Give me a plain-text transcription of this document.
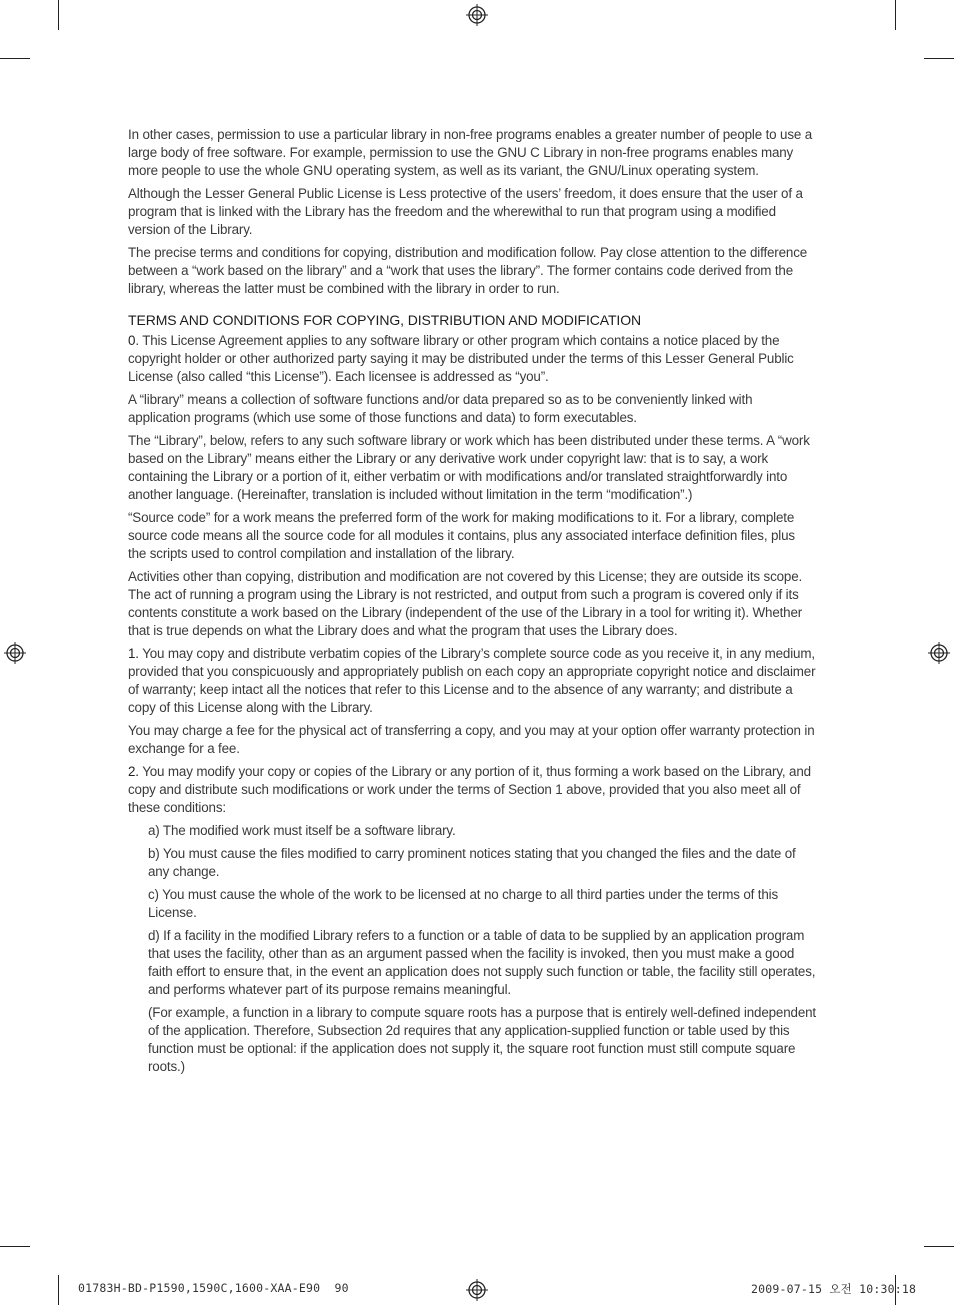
In other cases, permission to use a particular library in non-free programs enables a greater number of people to use a large body of free software. For example, permission to use the GNU C Library in non-free programs enables many more people to use the whole GNU operating system, as well as its variant, the GNU/Linux operating system.

Although the Lesser General Public License is Less protective of the users’ freedom, it does ensure that the user of a program that is linked with the Library has the freedom and the wherewithal to run that program using a modified version of the Library.

The precise terms and conditions for copying, distribution and modification follow. Pay close attention to the difference between a “work based on the library” and a “work that uses the library”. The former contains code derived from the library, whereas the latter must be combined with the library in order to run.

TERMS AND CONDITIONS FOR COPYING, DISTRIBUTION AND MODIFICATION

0. This License Agreement applies to any software library or other program which contains a notice placed by the copyright holder or other authorized party saying it may be distributed under the terms of this Lesser General Public License (also called “this License”). Each licensee is addressed as “you”.

A “library” means a collection of software functions and/or data prepared so as to be conveniently linked with application programs (which use some of those functions and data) to form executables.

The “Library”, below, refers to any such software library or work which has been distributed under these terms. A “work based on the Library” means either the Library or any derivative work under copyright law: that is to say, a work containing the Library or a portion of it, either verbatim or with modifications and/or translated straightforwardly into another language. (Hereinafter, translation is included without limitation in the term “modification”.)

“Source code” for a work means the preferred form of the work for making modifications to it. For a library, complete source code means all the source code for all modules it contains, plus any associated interface definition files, plus the scripts used to control compilation and installation of the library.

Activities other than copying, distribution and modification are not covered by this License; they are outside its scope. The act of running a program using the Library is not restricted, and output from such a program is covered only if its contents constitute a work based on the Library (independent of the use of the Library in a tool for writing it). Whether that is true depends on what the Library does and what the program that uses the Library does.

1. You may copy and distribute verbatim copies of the Library’s complete source code as you receive it, in any medium, provided that you conspicuously and appropriately publish on each copy an appropriate copyright notice and disclaimer of warranty; keep intact all the notices that refer to this License and to the absence of any warranty; and distribute a copy of this License along with the Library.

You may charge a fee for the physical act of transferring a copy, and you may at your option offer warranty protection in exchange for a fee.

2. You may modify your copy or copies of the Library or any portion of it, thus forming a work based on the Library, and copy and distribute such modifications or work under the terms of Section 1 above, provided that you also meet all of these conditions:

a) The modified work must itself be a software library.

b) You must cause the files modified to carry prominent notices stating that you changed the files and the date of any change.

c) You must cause the whole of the work to be licensed at no charge to all third parties under the terms of this License.

d) If a facility in the modified Library refers to a function or a table of data to be supplied by an application program that uses the facility, other than as an argument passed when the facility is invoked, then you must make a good faith effort to ensure that, in the event an application does not supply such function or table, the facility still operates, and performs whatever part of its purpose remains meaningful.

(For example, a function in a library to compute square roots has a purpose that is entirely well-defined independent of the application. Therefore, Subsection 2d requires that any application-supplied function or table used by this function must be optional: if the application does not supply it, the square root function must still compute square roots.)

01783H-BD-P1590,1590C,1600-XAA-E90 90	2009-07-15 오전 10:30:18
